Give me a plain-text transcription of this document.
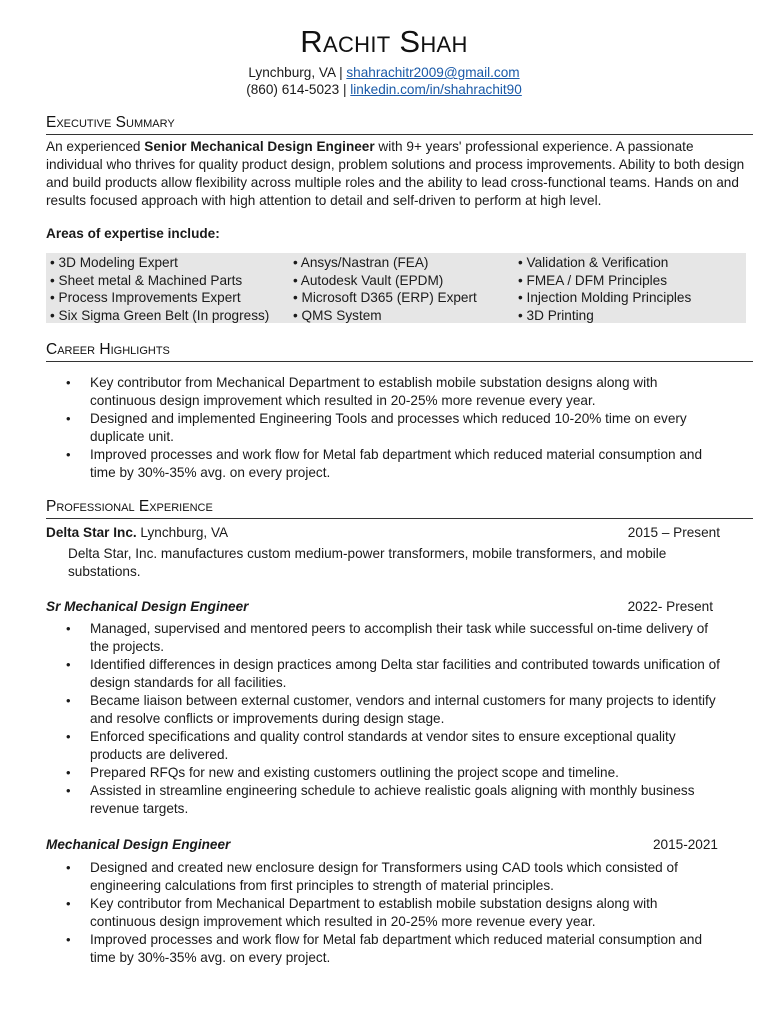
Rachit Shah
Lynchburg, VA | shahrachitr2009@gmail.com
(860) 614-5023 | linkedin.com/in/shahrachit90
Executive Summary
An experienced Senior Mechanical Design Engineer with 9+ years' professional experience. A passionate individual who thrives for quality product design, problem solutions and process improvements. Ability to both design and build products allow flexibility across multiple roles and the ability to lead cross-functional teams. Hands on and results focused approach with high attention to detail and self-driven to perform at high level.
Areas of expertise include:
• 3D Modeling Expert
• Sheet metal & Machined Parts
• Process Improvements Expert
• Six Sigma Green Belt (In progress)
• Ansys/Nastran (FEA)
• Autodesk Vault (EPDM)
• Microsoft D365 (ERP) Expert
• QMS System
• Validation & Verification
• FMEA / DFM Principles
• Injection Molding Principles
• 3D Printing
Career Highlights
• Key contributor from Mechanical Department to establish mobile substation designs along with continuous design improvement which resulted in 20-25% more revenue every year.
• Designed and implemented Engineering Tools and processes which reduced 10-20% time on every duplicate unit.
• Improved processes and work flow for Metal fab department which reduced material consumption and time by 30%-35% avg. on every project.
Professional Experience
Delta Star Inc. Lynchburg, VA	2015 – Present
Delta Star, Inc. manufactures custom medium-power transformers, mobile transformers, and mobile substations.
Sr Mechanical Design Engineer	2022- Present
• Managed, supervised and mentored peers to accomplish their task while successful on-time delivery of the projects.
• Identified differences in design practices among Delta star facilities and contributed towards unification of design standards for all facilities.
• Became liaison between external customer, vendors and internal customers for many projects to identify and resolve conflicts or improvements during design stage.
• Enforced specifications and quality control standards at vendor sites to ensure exceptional quality products are delivered.
• Prepared RFQs for new and existing customers outlining the project scope and timeline.
• Assisted in streamline engineering schedule to achieve realistic goals aligning with monthly business revenue targets.
Mechanical Design Engineer	2015-2021
• Designed and created new enclosure design for Transformers using CAD tools which consisted of engineering calculations from first principles to strength of material principles.
• Key contributor from Mechanical Department to establish mobile substation designs along with continuous design improvement which resulted in 20-25% more revenue every year.
• Improved processes and work flow for Metal fab department which reduced material consumption and time by 30%-35% avg. on every project.
